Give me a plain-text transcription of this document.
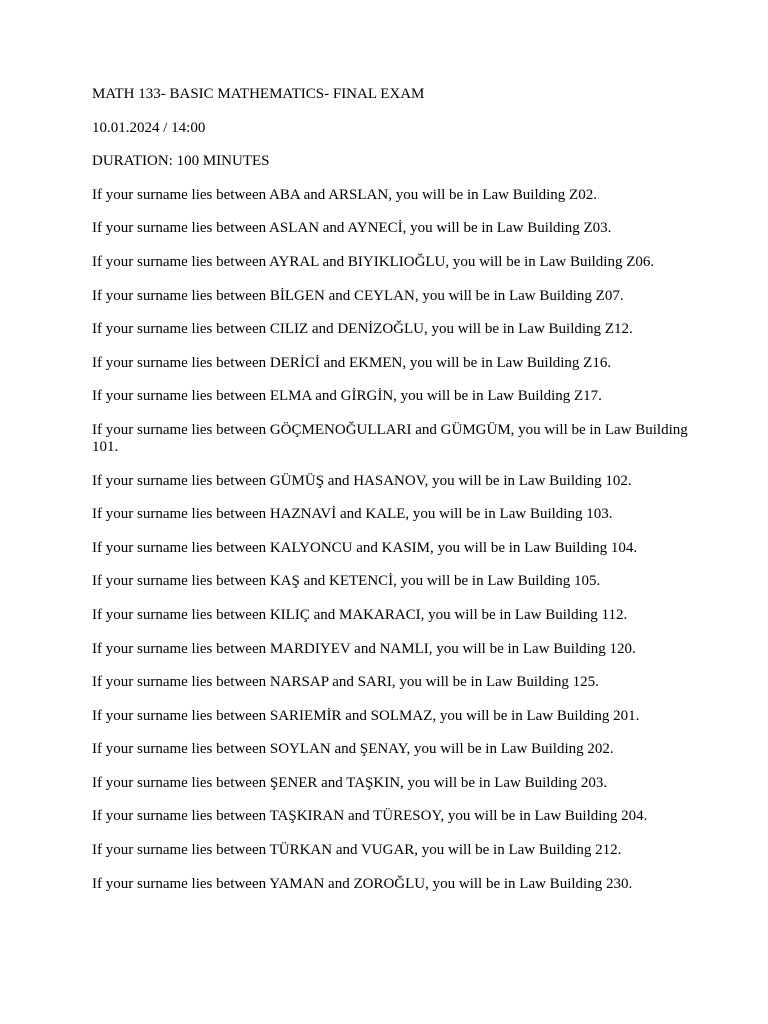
MATH 133- BASIC MATHEMATICS- FINAL EXAM

10.01.2024 / 14:00

DURATION: 100 MINUTES

If your surname lies between ABA and ARSLAN, you will be in Law Building Z02.

If your surname lies between ASLAN and AYNECİ, you will be in Law Building Z03.

If your surname lies between AYRAL and BIYIKLIOĞLU, you will be in Law Building Z06.

If your surname lies between BİLGEN and CEYLAN, you will be in Law Building Z07.

If your surname lies between CILIZ and DENİZOĞLU, you will be in Law Building Z12.

If your surname lies between DERİCİ and EKMEN, you will be in Law Building Z16.

If your surname lies between ELMA and GİRGİN, you will be in Law Building Z17.

If your surname lies between GÖÇMENOĞULLARI and GÜMGÜM, you will be in Law Building 101.

If your surname lies between GÜMÜŞ and HASANOV, you will be in Law Building 102.

If your surname lies between HAZNAVİ and KALE, you will be in Law Building 103.

If your surname lies between KALYONCU and KASIM, you will be in Law Building 104.

If your surname lies between KAŞ and KETENCİ, you will be in Law Building 105.

If your surname lies between KILIÇ and MAKARACI, you will be in Law Building 112.

If your surname lies between MARDIYEV and NAMLI, you will be in Law Building 120.

If your surname lies between NARSAP and SARI, you will be in Law Building 125.

If your surname lies between SARIEMİR and SOLMAZ, you will be in Law Building 201.

If your surname lies between SOYLAN and ŞENAY, you will be in Law Building 202.

If your surname lies between ŞENER and TAŞKIN, you will be in Law Building 203.

If your surname lies between TAŞKIRAN and TÜRESOY, you will be in Law Building 204.

If your surname lies between TÜRKAN and VUGAR, you will be in Law Building 212.

If your surname lies between YAMAN and ZOROĞLU, you will be in Law Building 230.
